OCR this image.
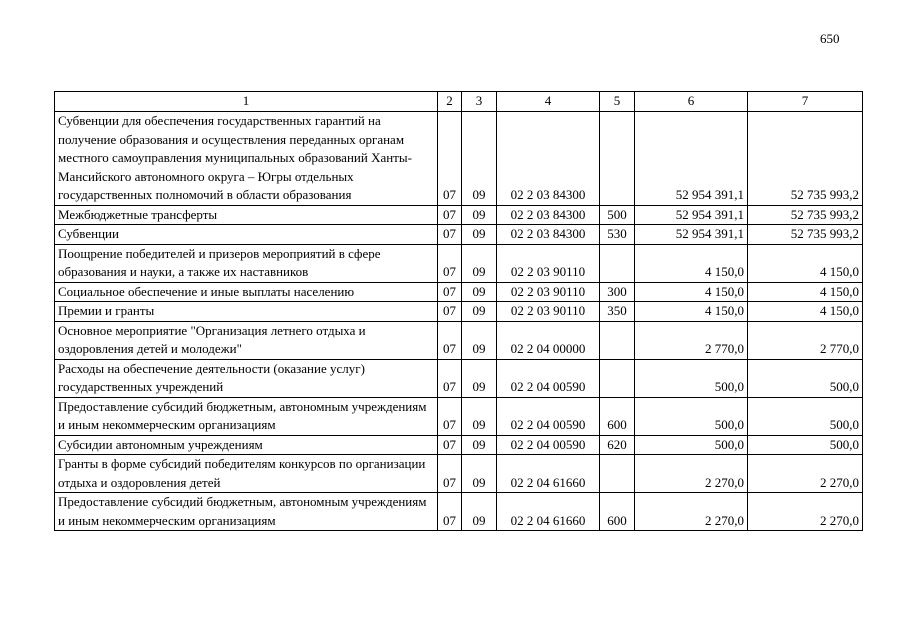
650
1	2	3	4	5	6	7
Субвенции для обеспечения государственных гарантий на получение образования и осуществления переданных органам местного самоуправления муниципальных образований Ханты-Мансийского автономного округа – Югры отдельных государственных полномочий в области образования	07	09	02 2 03 84300		52 954 391,1	52 735 993,2
Межбюджетные трансферты	07	09	02 2 03 84300	500	52 954 391,1	52 735 993,2
Субвенции	07	09	02 2 03 84300	530	52 954 391,1	52 735 993,2
Поощрение победителей и призеров мероприятий в сфере образования и науки, а также их наставников	07	09	02 2 03 90110		4 150,0	4 150,0
Социальное обеспечение и иные выплаты населению	07	09	02 2 03 90110	300	4 150,0	4 150,0
Премии и гранты	07	09	02 2 03 90110	350	4 150,0	4 150,0
Основное мероприятие "Организация летнего отдыха и оздоровления детей и молодежи"	07	09	02 2 04 00000		2 770,0	2 770,0
Расходы на обеспечение деятельности (оказание услуг) государственных учреждений	07	09	02 2 04 00590		500,0	500,0
Предоставление субсидий бюджетным, автономным учреждениям и иным некоммерческим организациям	07	09	02 2 04 00590	600	500,0	500,0
Субсидии автономным учреждениям	07	09	02 2 04 00590	620	500,0	500,0
Гранты в форме субсидий победителям конкурсов по организации отдыха и оздоровления детей	07	09	02 2 04 61660		2 270,0	2 270,0
Предоставление субсидий бюджетным, автономным учреждениям и иным некоммерческим организациям	07	09	02 2 04 61660	600	2 270,0	2 270,0
